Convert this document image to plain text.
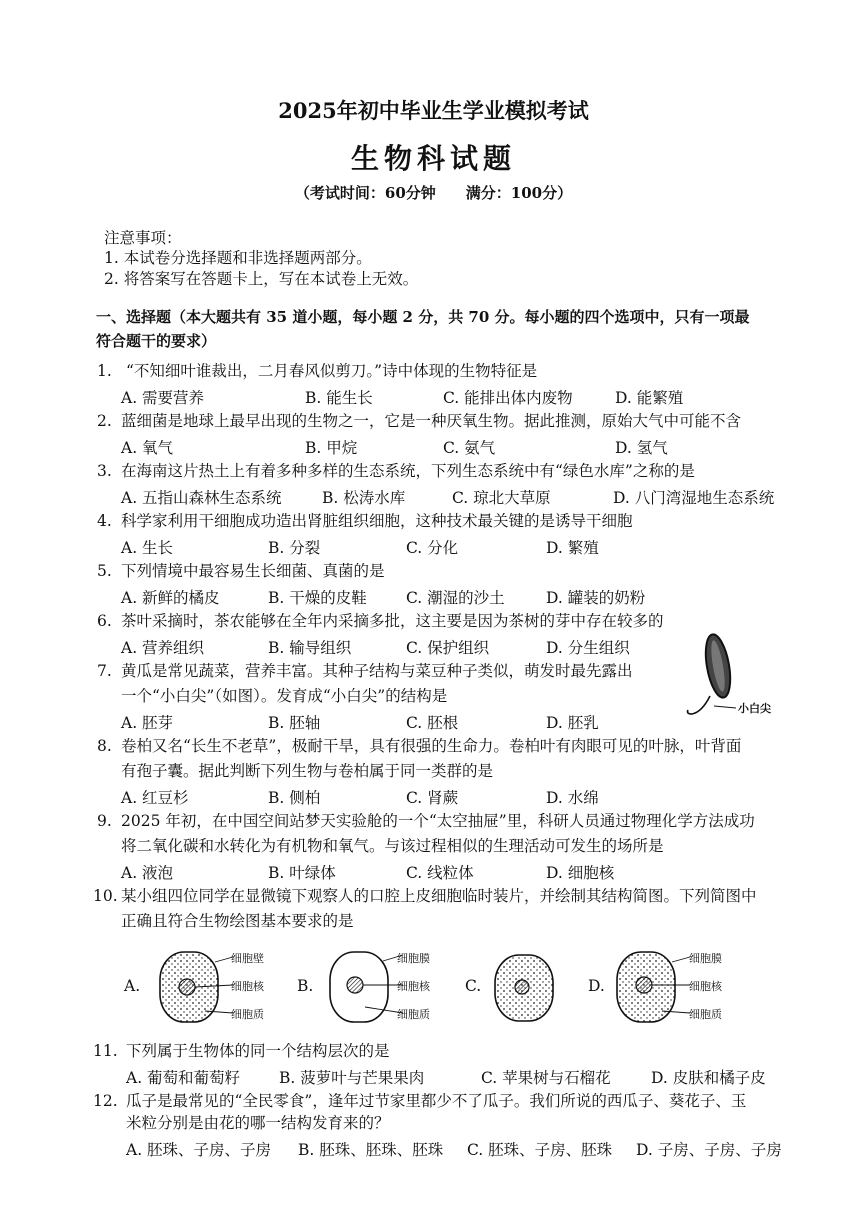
2025年初中毕业生学业模拟考试
生物科试题
（考试时间：60分钟　　满分：100分）
注意事项：
1. 本试卷分选择题和非选择题两部分。
2. 将答案写在答题卡上，写在本试卷上无效。
一、选择题（本大题共有 35 道小题，每小题 2 分，共 70 分。每小题的四个选项中，只有一项最
符合题干的要求）
1. “不知细叶谁裁出，二月春风似剪刀。”诗中体现的生物特征是
A. 需要营养	B. 能生长	C. 能排出体内废物	D. 能繁殖
2. 蓝细菌是地球上最早出现的生物之一，它是一种厌氧生物。据此推测，原始大气中可能不含
A. 氧气	B. 甲烷	C. 氨气	D. 氢气
3. 在海南这片热土上有着多种多样的生态系统，下列生态系统中有“绿色水库”之称的是
A. 五指山森林生态系统	B. 松涛水库	C. 琼北大草原	D. 八门湾湿地生态系统
4. 科学家利用干细胞成功造出肾脏组织细胞，这种技术最关键的是诱导干细胞
A. 生长	B. 分裂	C. 分化	D. 繁殖
5. 下列情境中最容易生长细菌、真菌的是
A. 新鲜的橘皮	B. 干燥的皮鞋	C. 潮湿的沙土	D. 罐装的奶粉
6. 茶叶采摘时，茶农能够在全年内采摘多批，这主要是因为茶树的芽中存在较多的
A. 营养组织	B. 输导组织	C. 保护组织	D. 分生组织
7. 黄瓜是常见蔬菜，营养丰富。其种子结构与菜豆种子类似，萌发时最先露出
一个“小白尖”（如图）。发育成“小白尖”的结构是
A. 胚芽	B. 胚轴	C. 胚根	D. 胚乳
小白尖
8. 卷柏又名“长生不老草”，极耐干旱，具有很强的生命力。卷柏叶有肉眼可见的叶脉，叶背面
有孢子囊。据此判断下列生物与卷柏属于同一类群的是
A. 红豆杉	B. 侧柏	C. 肾蕨	D. 水绵
9. 2025 年初，在中国空间站梦天实验舱的一个“太空抽屉”里，科研人员通过物理化学方法成功
将二氧化碳和水转化为有机物和氧气。与该过程相似的生理活动可发生的场所是
A. 液泡	B. 叶绿体	C. 线粒体	D. 细胞核
10. 某小组四位同学在显微镜下观察人的口腔上皮细胞临时装片，并绘制其结构简图。下列简图中
正确且符合生物绘图基本要求的是
A.
细胞壁
细胞核
细胞质
B.
细胞膜
细胞核
细胞质
C.	D.
细胞膜
细胞核
细胞质
11. 下列属于生物体的同一个结构层次的是
A. 葡萄和葡萄籽	B. 菠萝叶与芒果果肉	C. 苹果树与石榴花	D. 皮肤和橘子皮
12. 瓜子是最常见的“全民零食”，逢年过节家里都少不了瓜子。我们所说的西瓜子、葵花子、玉
米粒分别是由花的哪一结构发育来的？
A. 胚珠、子房、子房 B. 胚珠、胚珠、胚珠 C. 胚珠、子房、胚珠 D. 子房、子房、子房
